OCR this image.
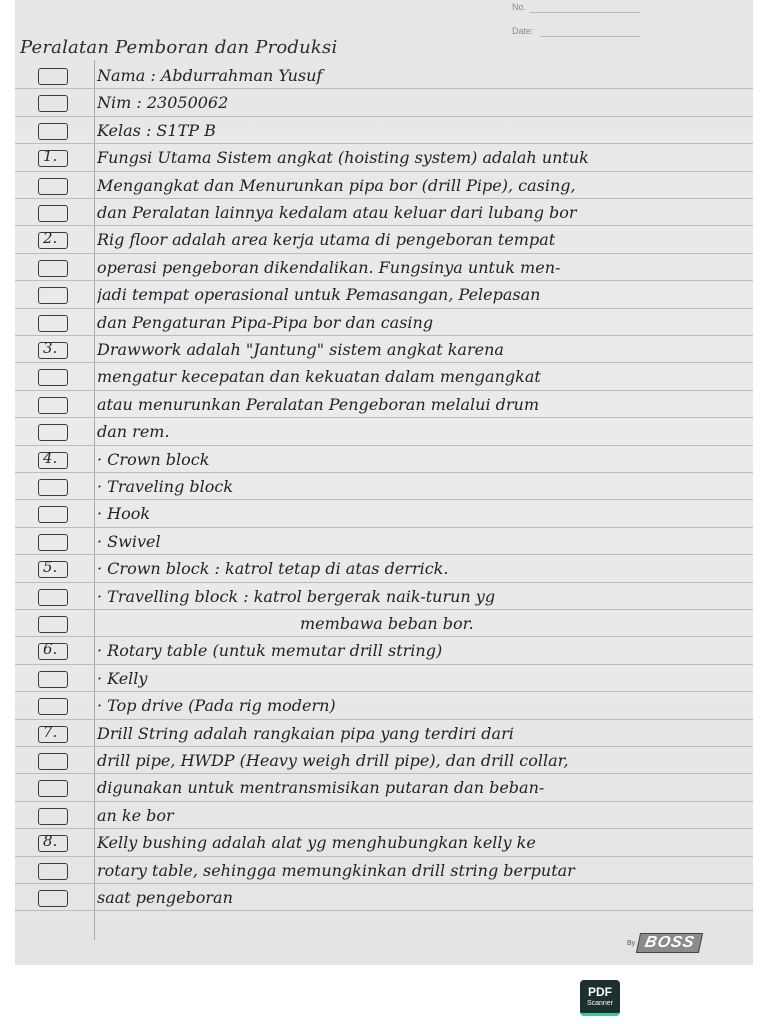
No.
Date:
Peralatan Pemboran dan Produksi
Nama : Abdurrahman Yusuf
Nim : 23050062
Kelas : S1TP B
1. Fungsi Utama Sistem angkat (hoisting system) adalah untuk
Mengangkat dan Menurunkan pipa bor (drill Pipe), casing,
dan Peralatan lainnya kedalam atau keluar dari lubang bor
2. Rig floor adalah area kerja utama di pengeboran tempat
operasi pengeboran dikendalikan. Fungsinya untuk men-
jadi tempat operasional untuk Pemasangan, Pelepasan
dan Pengaturan Pipa-Pipa bor dan casing
3. Drawwork adalah "Jantung" sistem angkat karena
mengatur kecepatan dan kekuatan dalam mengangkat
atau menurunkan Peralatan Pengeboran melalui drum
dan rem.
4. · Crown block
· Traveling block
· Hook
· Swivel
5. · Crown block : katrol tetap di atas derrick.
· Travelling block : katrol bergerak naik-turun yg
membawa beban bor.
6. · Rotary table (untuk memutar drill string)
· Kelly
· Top drive (Pada rig modern)
7. Drill String adalah rangkaian pipa yang terdiri dari
drill pipe, HWDP (Heavy weigh drill pipe), dan drill collar,
digunakan untuk mentransmisikan putaran dan beban-
an ke bor
8. Kelly bushing adalah alat yg menghubungkan kelly ke
rotary table, sehingga memungkinkan drill string berputar
saat pengeboran
By BOSS
PDF
Scanner
